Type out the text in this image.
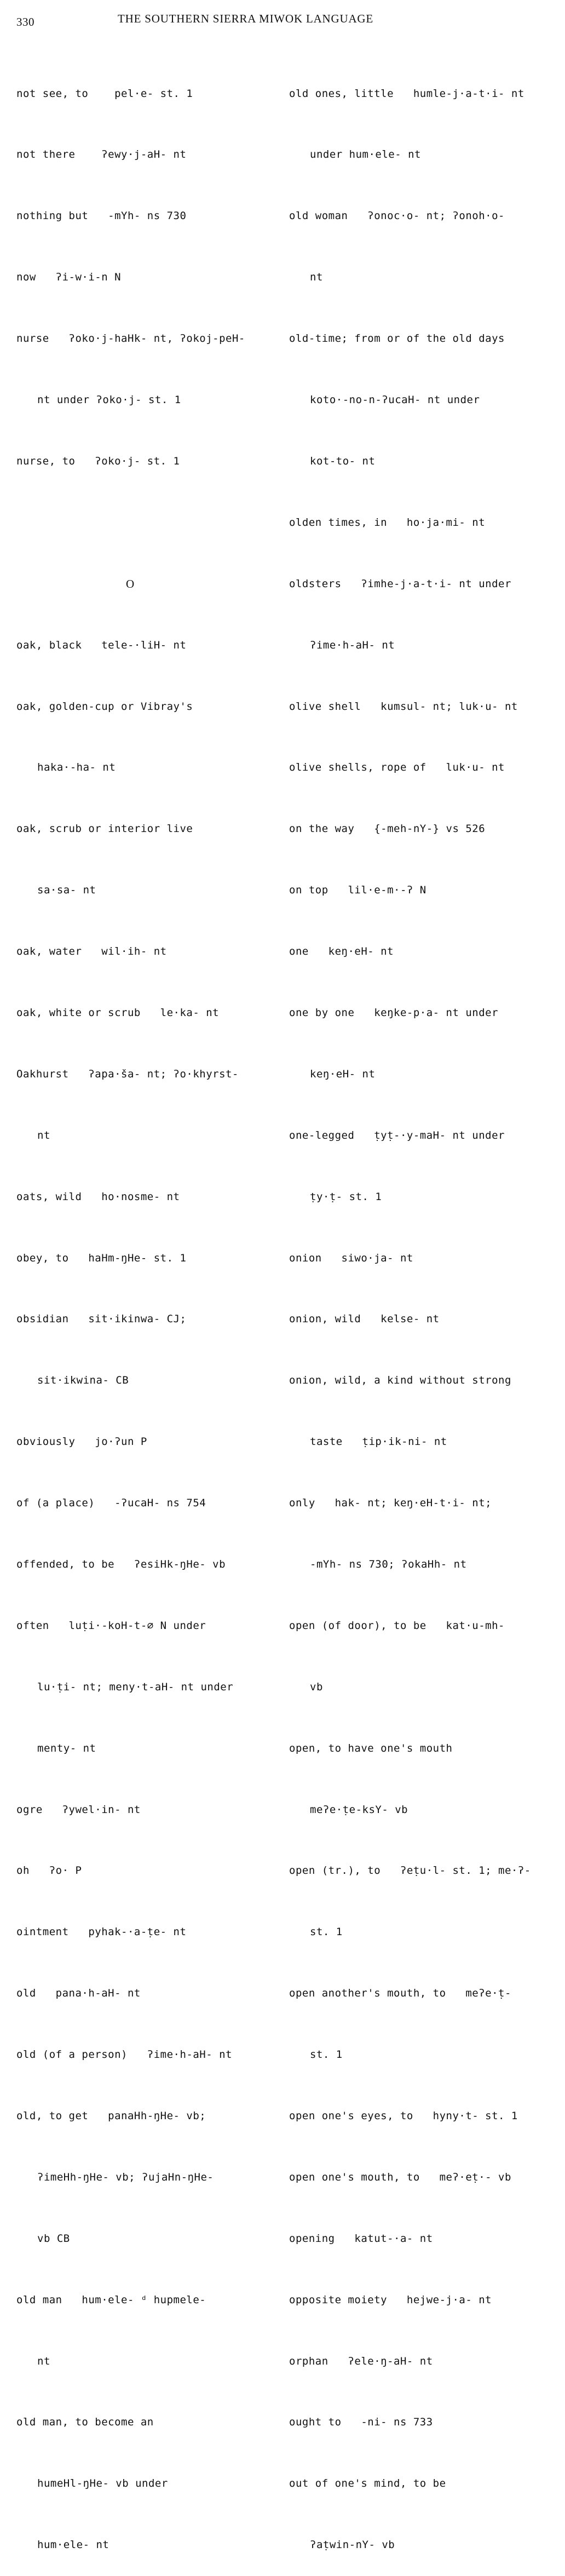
330	THE SOUTHERN SIERRA MIWOK LANGUAGE

not see, to    pel·e- st. 1

not there    ʔewy·j-aH- nt

nothing but   -mYh- ns 730

now   ʔi-w·i-n N

nurse   ʔoko·j-haHk- nt, ʔokoj-peH-

nt under ʔoko·j- st. 1

nurse, to   ʔoko·j- st. 1

O

oak, black   tele-·liH- nt

oak, golden-cup or Vibray's

haka·-ha- nt

oak, scrub or interior live

sa·sa- nt

oak, water   wil·ih- nt

oak, white or scrub   le·ka- nt

Oakhurst   ʔapa·ša- nt; ʔo·khyrst-

nt

oats, wild   ho·nosme- nt

obey, to   haHm-ŋHe- st. 1

obsidian   sit·ikinwa- CJ;

sit·ikwina- CB

obviously   jo·ʔun P

of (a place)   -ʔucaH- ns 754

offended, to be   ʔesiHk-ŋHe- vb

often   luṭi·-koH-t-∅ N under

lu·ṭi- nt; meny·t-aH- nt under

menty- nt

ogre   ʔywel·in- nt

oh   ʔo· P

ointment   pyhak-·a-ṭe- nt

old   pana·h-aH- nt

old (of a person)   ʔime·h-aH- nt

old, to get   panaHh-ŋHe- vb;

ʔimeHh-ŋHe- vb; ʔujaHn-ŋHe-

vb CB

old man   hum·ele- ᵈ hupmele-

nt

old man, to become an

humeHl-ŋHe- vb under

hum·ele- nt

old ones, little   humle-j·a-t·i- nt

under hum·ele- nt

old woman   ʔonoc·o- nt; ʔonoh·o-

nt

old-time; from or of the old days

koto·-no-n-ʔucaH- nt under

kot-to- nt

olden times, in   ho·ja·mi- nt

oldsters   ʔimhe-j·a-t·i- nt under

ʔime·h-aH- nt

olive shell   kumsul- nt; luk·u- nt

olive shells, rope of   luk·u- nt

on the way   {-meh-nY-} vs 526

on top   lil·e-m·-ʔ N

one   keŋ·eH- nt

one by one   keŋke-p·a- nt under

keŋ·eH- nt

one-legged   ṭyṭ-·y-maH- nt under

ṭy·ṭ- st. 1

onion   siwo·ja- nt

onion, wild   kelse- nt

onion, wild, a kind without strong

taste   ṭip·ik-ni- nt

only   hak- nt; keŋ·eH-t·i- nt;

-mYh- ns 730; ʔokaHh- nt

open (of door), to be   kat·u-mh-

vb

open, to have one's mouth

meʔe·ṭe-ksY- vb

open (tr.), to   ʔeṭu·l- st. 1; me·ʔ-

st. 1

open another's mouth, to   meʔe·ṭ-

st. 1

open one's eyes, to   hyny·t- st. 1

open one's mouth, to   meʔ·eṭ·- vb

opening   katut-·a- nt

opposite moiety   hejwe-j·a- nt

orphan   ʔele·ŋ-aH- nt

ought to   -ni- ns 733

out of one's mind, to be

ʔaṭwin-nY- vb
